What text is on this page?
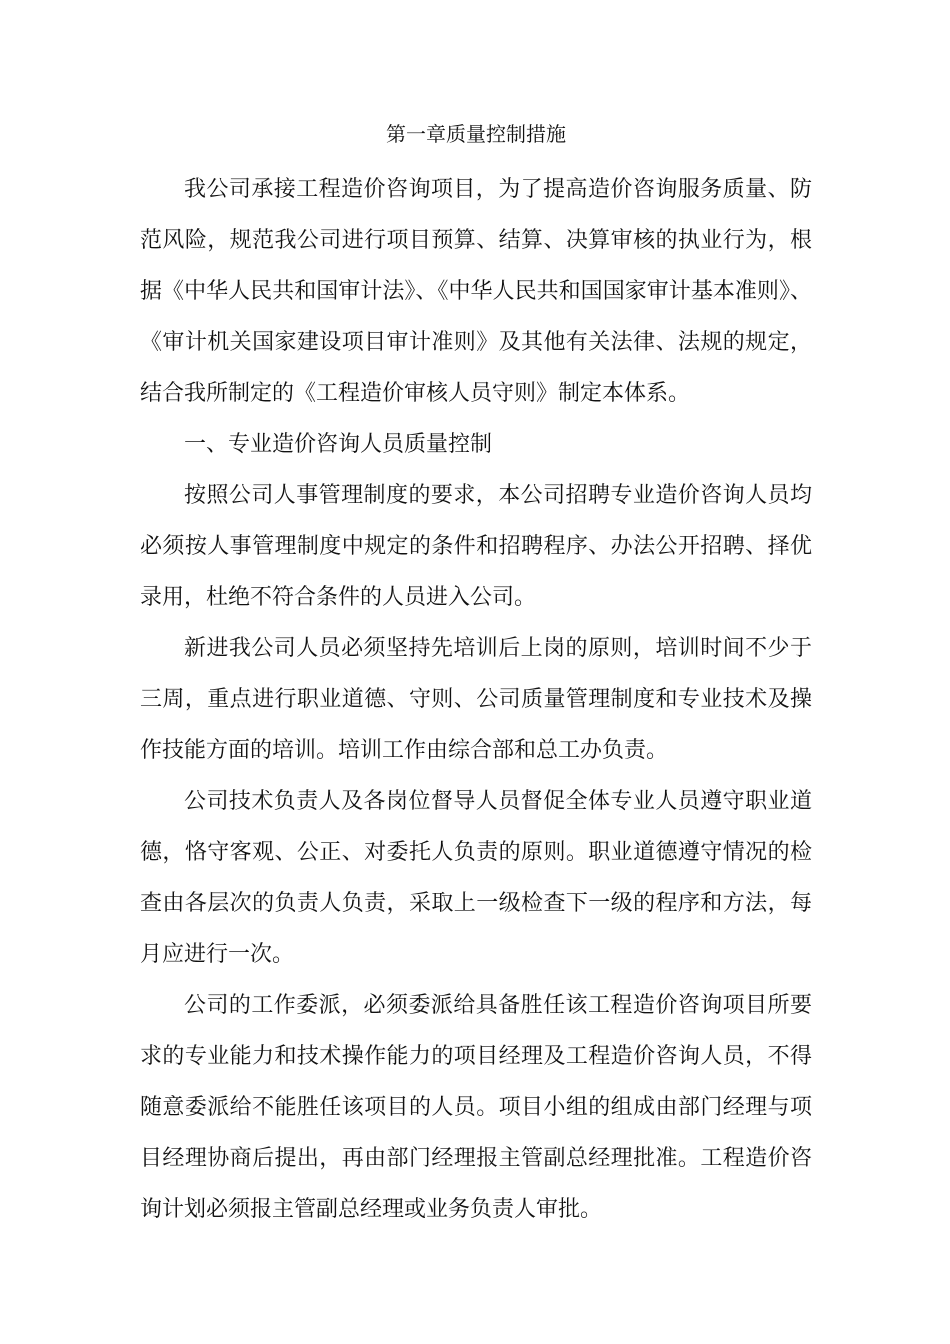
第一章质量控制措施

我公司承接工程造价咨询项目，为了提高造价咨询服务质量、防范风险，规范我公司进行项目预算、结算、决算审核的执业行为，根据《中华人民共和国审计法》、《中华人民共和国国家审计基本准则》、《审计机关国家建设项目审计准则》及其他有关法律、法规的规定，结合我所制定的《工程造价审核人员守则》制定本体系。

一、专业造价咨询人员质量控制

按照公司人事管理制度的要求，本公司招聘专业造价咨询人员均必须按人事管理制度中规定的条件和招聘程序、办法公开招聘、择优录用，杜绝不符合条件的人员进入公司。

新进我公司人员必须坚持先培训后上岗的原则，培训时间不少于三周，重点进行职业道德、守则、公司质量管理制度和专业技术及操作技能方面的培训。培训工作由综合部和总工办负责。

公司技术负责人及各岗位督导人员督促全体专业人员遵守职业道德，恪守客观、公正、对委托人负责的原则。职业道德遵守情况的检查由各层次的负责人负责，采取上一级检查下一级的程序和方法，每月应进行一次。

公司的工作委派，必须委派给具备胜任该工程造价咨询项目所要求的专业能力和技术操作能力的项目经理及工程造价咨询人员，不得随意委派给不能胜任该项目的人员。项目小组的组成由部门经理与项目经理协商后提出，再由部门经理报主管副总经理批准。工程造价咨询计划必须报主管副总经理或业务负责人审批。
